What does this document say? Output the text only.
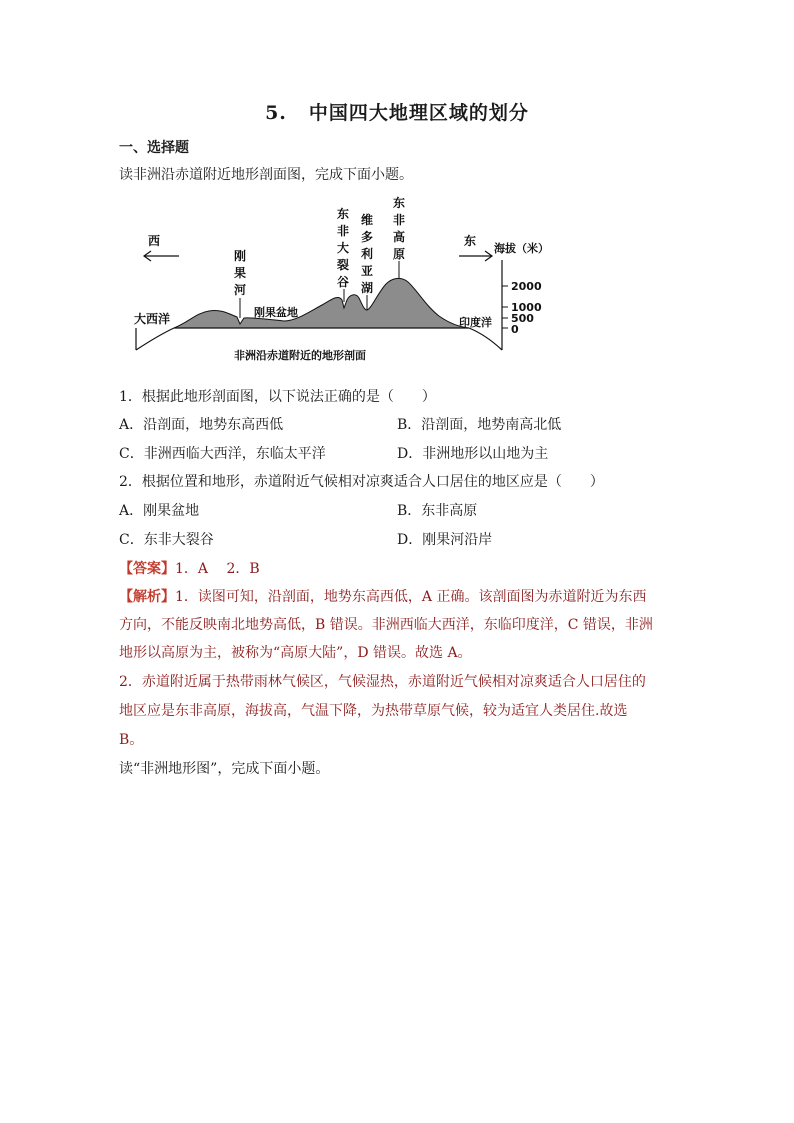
5. 中国四大地理区域的划分
一、选择题
读非洲沿赤道附近地形剖面图，完成下面小题。
西	东
海拔（米）
2000
1000
500
0
刚
果
河
东
非
大
裂
谷
维
多
利
亚
湖
东
非
高
原
大西洋	刚果盆地
印度洋
非洲沿赤道附近的地形剖面
1．根据此地形剖面图，以下说法正确的是（　　）
A．沿剖面，地势东高西低	B．沿剖面，地势南高北低
C．非洲西临大西洋，东临太平洋	D．非洲地形以山地为主
2．根据位置和地形，赤道附近气候相对凉爽适合人口居住的地区应是（　　）
A．刚果盆地	B．东非高原
C．东非大裂谷	D．刚果河沿岸
【答案】1．A　 2．B
【解析】1．读图可知，沿剖面，地势东高西低，A 正确。该剖面图为赤道附近为东西
方向，不能反映南北地势高低，B 错误。非洲西临大西洋，东临印度洋，C 错误，非洲
地形以高原为主，被称为“高原大陆”，D 错误。故选 A。
2．赤道附近属于热带雨林气候区，气候湿热，赤道附近气候相对凉爽适合人口居住的
地区应是东非高原，海拔高，气温下降，为热带草原气候，较为适宜人类居住.故选
B。
读“非洲地形图”，完成下面小题。
